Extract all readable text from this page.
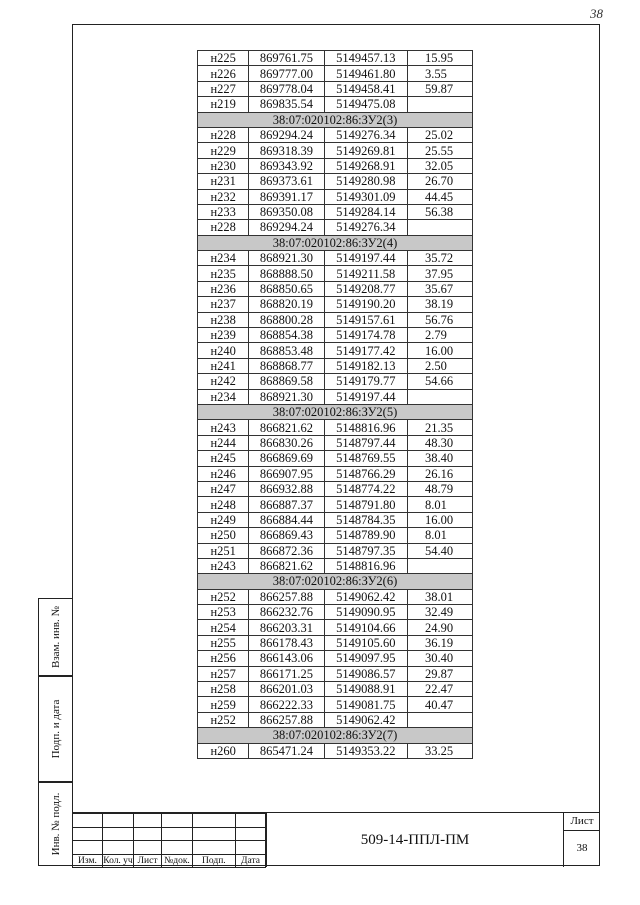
38
н225	869761.75	5149457.13	15.95
н226	869777.00	5149461.80	3.55
н227	869778.04	5149458.41	59.87
н219	869835.54	5149475.08	
38:07:020102:86:ЗУ2(3)			
н228	869294.24	5149276.34	25.02
н229	869318.39	5149269.81	25.55
н230	869343.92	5149268.91	32.05
н231	869373.61	5149280.98	26.70
н232	869391.17	5149301.09	44.45
н233	869350.08	5149284.14	56.38
н228	869294.24	5149276.34	
38:07:020102:86:ЗУ2(4)			
н234	868921.30	5149197.44	35.72
н235	868888.50	5149211.58	37.95
н236	868850.65	5149208.77	35.67
н237	868820.19	5149190.20	38.19
н238	868800.28	5149157.61	56.76
н239	868854.38	5149174.78	2.79
н240	868853.48	5149177.42	16.00
н241	868868.77	5149182.13	2.50
н242	868869.58	5149179.77	54.66
н234	868921.30	5149197.44	
38:07:020102:86:ЗУ2(5)			
н243	866821.62	5148816.96	21.35
н244	866830.26	5148797.44	48.30
н245	866869.69	5148769.55	38.40
н246	866907.95	5148766.29	26.16
н247	866932.88	5148774.22	48.79
н248	866887.37	5148791.80	8.01
н249	866884.44	5148784.35	16.00
н250	866869.43	5148789.90	8.01
н251	866872.36	5148797.35	54.40
н243	866821.62	5148816.96	
38:07:020102:86:ЗУ2(6)			
н252	866257.88	5149062.42	38.01
н253	866232.76	5149090.95	32.49
н254	866203.31	5149104.66	24.90
н255	866178.43	5149105.60	36.19
н256	866143.06	5149097.95	30.40
н257	866171.25	5149086.57	29.87
н258	866201.03	5149088.91	22.47
н259	866222.33	5149081.75	40.47
н252	866257.88	5149062.42	
38:07:020102:86:ЗУ2(7)			
н260	865471.24	5149353.22	33.25
Взам. инв. №
Подп. и дата
Инв. № подл.

Изм.	Кол. уч	Лист	№док.	Подп.	Дата
509-14-ППЛ-ПМ
Лист
38
